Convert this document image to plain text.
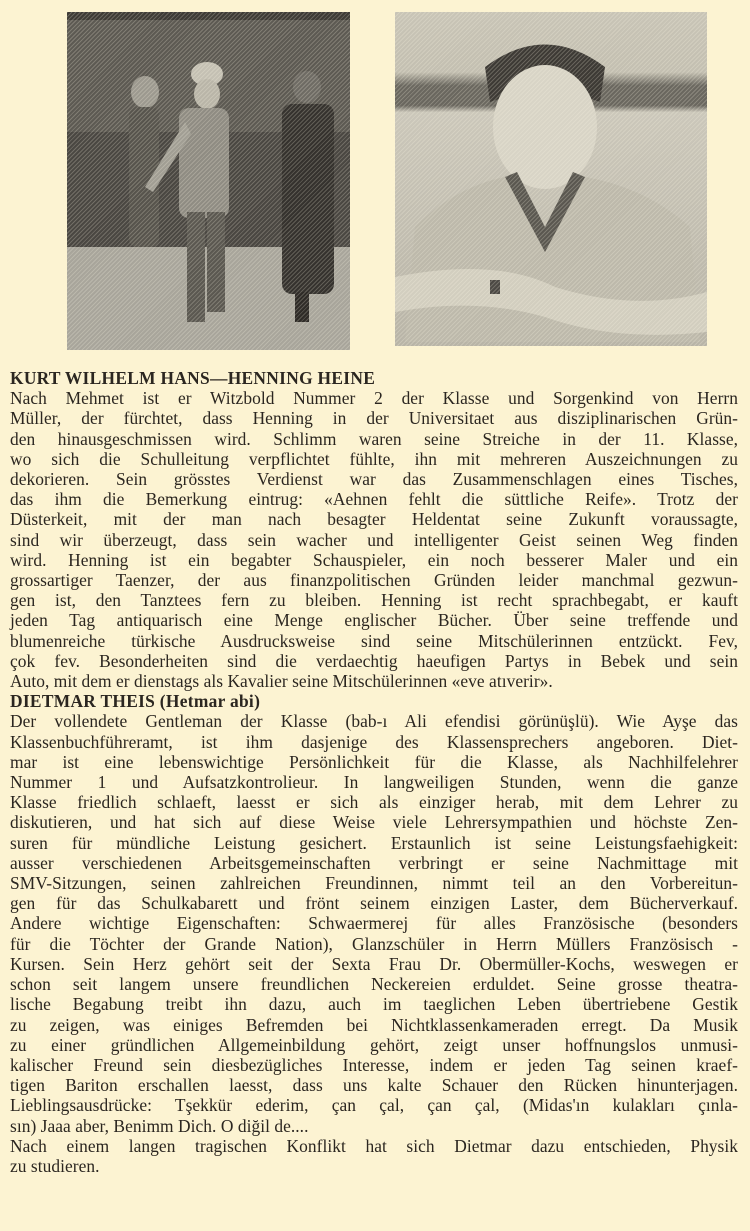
KURT WILHELM HANS—HENNING HEINE
Nach Mehmet ist er Witzbold Nummer 2 der Klasse und Sorgenkind von Herrn
Müller, der fürchtet, dass Henning in der Universitaet aus disziplinarischen Grün-
den hinausgeschmissen wird. Schlimm waren seine Streiche in der 11. Klasse,
wo sich die Schulleitung verpflichtet fühlte, ihn mit mehreren Auszeichnungen zu
dekorieren. Sein grösstes Verdienst war das Zusammenschlagen eines Tisches,
das ihm die Bemerkung eintrug: «Aehnen fehlt die süttliche Reife». Trotz der
Düsterkeit, mit der man nach besagter Heldentat seine Zukunft voraussagte,
sind wir überzeugt, dass sein wacher und intelligenter Geist seinen Weg finden
wird. Henning ist ein begabter Schauspieler, ein noch besserer Maler und ein
grossartiger Taenzer, der aus finanzpolitischen Gründen leider manchmal gezwun-
gen ist, den Tanztees fern zu bleiben. Henning ist recht sprachbegabt, er kauft
jeden Tag antiquarisch eine Menge englischer Bücher. Über seine treffende und
blumenreiche türkische Ausdrucksweise sind seine Mitschülerinnen entzückt. Fev,
çok fev. Besonderheiten sind die verdaechtig haeufigen Partys in Bebek und sein
Auto, mit dem er dienstags als Kavalier seine Mitschülerinnen «eve atıverir».

DIETMAR THEIS (Hetmar abi)
Der vollendete Gentleman der Klasse (bab-ı Ali efendisi görünüşlü). Wie Ayşe das
Klassenbuchführeramt, ist ihm dasjenige des Klassensprechers angeboren. Diet-
mar ist eine lebenswichtige Persönlichkeit für die Klasse, als Nachhilfelehrer
Nummer 1 und Aufsatzkontrolieur. In langweiligen Stunden, wenn die ganze
Klasse friedlich schlaeft, laesst er sich als einziger herab, mit dem Lehrer zu
diskutieren, und hat sich auf diese Weise viele Lehrersympathien und höchste Zen-
suren für mündliche Leistung gesichert. Erstaunlich ist seine Leistungsfaehigkeit:
ausser verschiedenen Arbeitsgemeinschaften verbringt er seine Nachmittage mit
SMV-Sitzungen, seinen zahlreichen Freundinnen, nimmt teil an den Vorbereitun-
gen für das Schulkabarett und frönt seinem einzigen Laster, dem Bücherverkauf.
Andere wichtige Eigenschaften: Schwaermerej für alles Französische (besonders
für die Töchter der Grande Nation), Glanzschüler in Herrn Müllers Französisch -
Kursen. Sein Herz gehört seit der Sexta Frau Dr. Obermüller-Kochs, weswegen er
schon seit langem unsere freundlichen Neckereien erduldet. Seine grosse theatra-
lische Begabung treibt ihn dazu, auch im taeglichen Leben übertriebene Gestik
zu zeigen, was einiges Befremden bei Nichtklassenkameraden erregt. Da Musik
zu einer gründlichen Allgemeinbildung gehört, zeigt unser hoffnungslos unmusi-
kalischer Freund sein diesbezügliches Interesse, indem er jeden Tag seinen kraef-
tigen Bariton erschallen laesst, dass uns kalte Schauer den Rücken hinunterjagen.
Lieblingsausdrücke: Tşekkür ederim, çan çal, çan çal, (Midas'ın kulakları çınla-
sın) Jaaa aber, Benimm Dich. O diğil de....
Nach einem langen tragischen Konflikt hat sich Dietmar dazu entschieden, Physik
zu studieren.
